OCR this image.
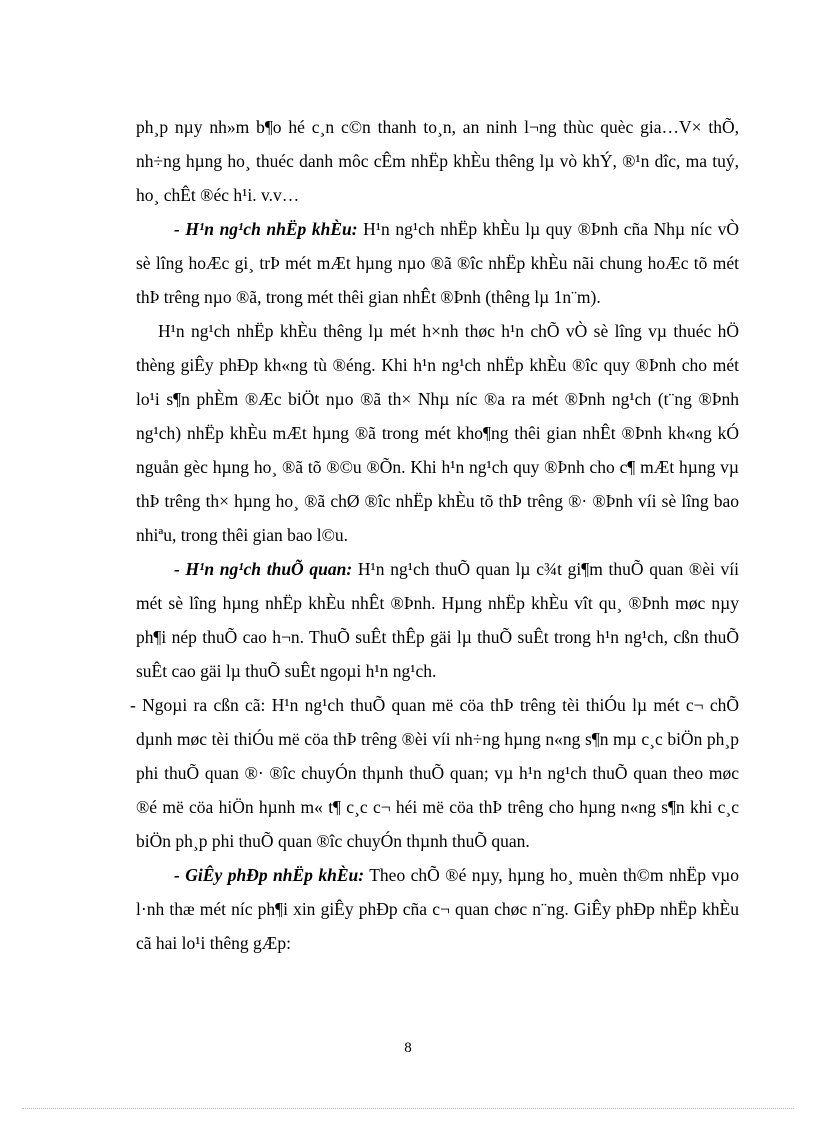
ph¸p nµy nh»m b¶o hé c¸n c©n thanh to¸n, an ninh l¬ng thùc quèc gia…V× thÕ, nh÷ng hµng ho¸ thuéc danh môc cÊm nhËp khÈu thêng lµ vò khÝ, ®¹n dîc, ma tuý, ho¸ chÊt ®éc h¹i. v.v…

- H¹n ng¹ch nhËp khÈu: H¹n ng¹ch nhËp khÈu lµ quy ®Þnh cña Nhµ níc vÒ sè lîng hoÆc gi¸ trÞ mét mÆt hµng nµo ®ã ®îc nhËp khÈu nãi chung hoÆc tõ mét thÞ trêng nµo ®ã, trong mét thêi gian nhÊt ®Þnh (thêng lµ 1n¨m).

H¹n ng¹ch nhËp khÈu thêng lµ mét h×nh thøc h¹n chÕ vÒ sè lîng vµ thuéc hÖ thèng giÊy phÐp kh«ng tù ®éng. Khi h¹n ng¹ch nhËp khÈu ®îc quy ®Þnh cho mét lo¹i s¶n phÈm ®Æc biÖt nµo ®ã th× Nhµ níc ®a ra mét ®Þnh ng¹ch (t¨ng ®Þnh ng¹ch) nhËp khÈu mÆt hµng ®ã trong mét kho¶ng thêi gian nhÊt ®Þnh kh«ng kÓ nguån gèc hµng ho¸ ®ã tõ ®©u ®Õn. Khi h¹n ng¹ch quy ®Þnh cho c¶ mÆt hµng vµ thÞ trêng th× hµng ho¸ ®ã chØ ®îc nhËp khÈu tõ thÞ trêng ®· ®Þnh víi sè lîng bao nhiªu, trong thêi gian bao l©u.

- H¹n ng¹ch thuÕ quan: H¹n ng¹ch thuÕ quan lµ c¾t gi¶m thuÕ quan ®èi víi mét sè lîng hµng nhËp khÈu nhÊt ®Þnh. Hµng nhËp khÈu vît qu¸ ®Þnh møc nµy ph¶i nép thuÕ cao h¬n. ThuÕ suÊt thÊp gäi lµ thuÕ suÊt trong h¹n ng¹ch, cßn thuÕ suÊt cao gäi lµ thuÕ suÊt ngoµi h¹n ng¹ch.

- Ngoµi ra cßn cã: H¹n ng¹ch thuÕ quan më cöa thÞ trêng tèi thiÓu lµ mét c¬ chÕ dµnh møc tèi thiÓu më cöa thÞ trêng ®èi víi nh÷ng hµng n«ng s¶n mµ c¸c biÖn ph¸p phi thuÕ quan ®· ®îc chuyÓn thµnh thuÕ quan; vµ h¹n ng¹ch thuÕ quan theo møc ®é më cöa hiÖn hµnh m« t¶ c¸c c¬ héi më cöa thÞ trêng cho hµng n«ng s¶n khi c¸c biÖn ph¸p phi thuÕ quan ®îc chuyÓn thµnh thuÕ quan.

- GiÊy phÐp nhËp khÈu: Theo chÕ ®é nµy, hµng ho¸ muèn th©m nhËp vµo l·nh thæ mét níc ph¶i xin giÊy phÐp cña c¬ quan chøc n¨ng. GiÊy phÐp nhËp khÈu cã hai lo¹i thêng gÆp:

8
